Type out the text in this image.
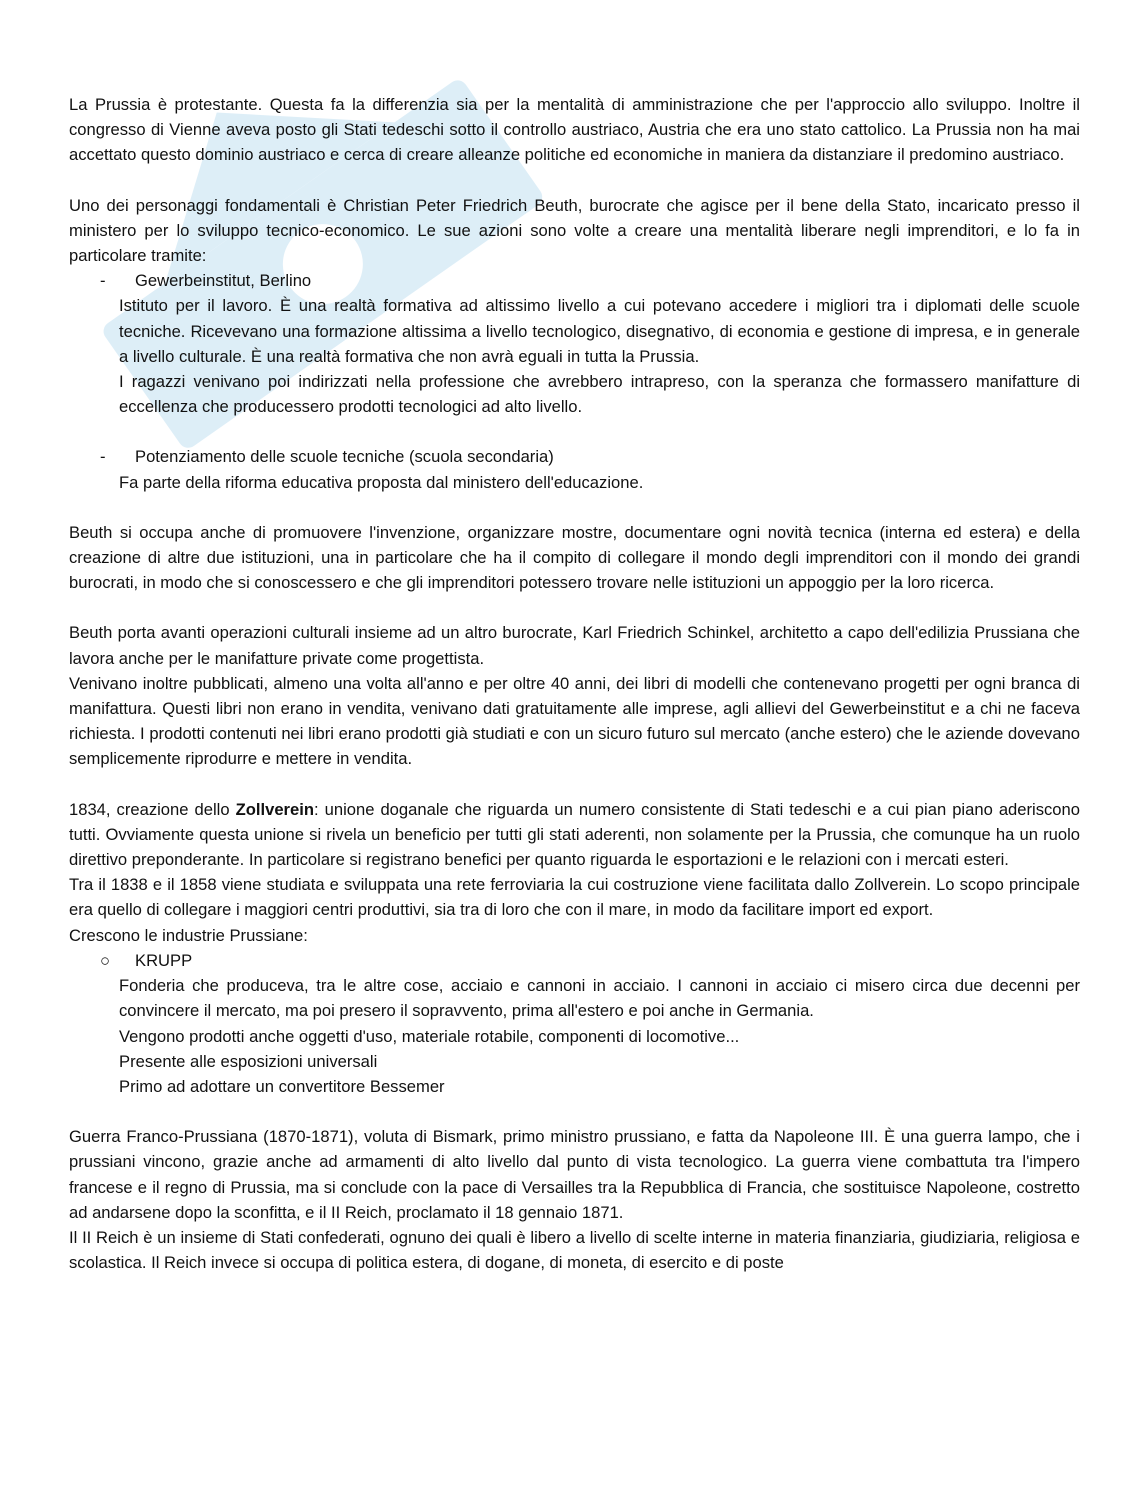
La Prussia è protestante. Questa fa la differenzia sia per la mentalità di amministrazione che per l'approccio allo sviluppo. Inoltre il congresso di Vienne aveva posto gli Stati tedeschi sotto il controllo austriaco, Austria che era uno stato cattolico. La Prussia non ha mai accettato questo dominio austriaco e cerca di creare alleanze politiche ed economiche in maniera da distanziare il predomino austriaco.

Uno dei personaggi fondamentali è Christian Peter Friedrich Beuth, burocrate che agisce per il bene della Stato, incaricato presso il ministero per lo sviluppo tecnico-economico. Le sue azioni sono volte a creare una mentalità liberare negli imprenditori, e lo fa in particolare tramite:

- Gewerbeinstitut, Berlino

Istituto per il lavoro. È una realtà formativa ad altissimo livello a cui potevano accedere i migliori tra i diplomati delle scuole tecniche. Ricevevano una formazione altissima a livello tecnologico, disegnativo, di economia e gestione di impresa, e in generale a livello culturale. È una realtà formativa che non avrà eguali in tutta la Prussia.

I ragazzi venivano poi indirizzati nella professione che avrebbero intrapreso, con la speranza che formassero manifatture di eccellenza che producessero prodotti tecnologici ad alto livello.

- Potenziamento delle scuole tecniche (scuola secondaria)

Fa parte della riforma educativa proposta dal ministero dell'educazione.

Beuth si occupa anche di promuovere l'invenzione, organizzare mostre, documentare ogni novità tecnica (interna ed estera) e della creazione di altre due istituzioni, una in particolare che ha il compito di collegare il mondo degli imprenditori con il mondo dei grandi burocrati, in modo che si conoscessero e che gli imprenditori potessero trovare nelle istituzioni un appoggio per la loro ricerca.

Beuth porta avanti operazioni culturali insieme ad un altro burocrate, Karl Friedrich Schinkel, architetto a capo dell'edilizia Prussiana che lavora anche per le manifatture private come progettista.

Venivano inoltre pubblicati, almeno una volta all'anno e per oltre 40 anni, dei libri di modelli che contenevano progetti per ogni branca di manifattura. Questi libri non erano in vendita, venivano dati gratuitamente alle imprese, agli allievi del Gewerbeinstitut e a chi ne faceva richiesta. I prodotti contenuti nei libri erano prodotti già studiati e con un sicuro futuro sul mercato (anche estero) che le aziende dovevano semplicemente riprodurre e mettere in vendita.

1834, creazione dello Zollverein: unione doganale che riguarda un numero consistente di Stati tedeschi e a cui pian piano aderiscono tutti. Ovviamente questa unione si rivela un beneficio per tutti gli stati aderenti, non solamente per la Prussia, che comunque ha un ruolo direttivo preponderante. In particolare si registrano benefici per quanto riguarda le esportazioni e le relazioni con i mercati esteri.

Tra il 1838 e il 1858 viene studiata e sviluppata una rete ferroviaria la cui costruzione viene facilitata dallo Zollverein. Lo scopo principale era quello di collegare i maggiori centri produttivi, sia tra di loro che con il mare, in modo da facilitare import ed export.

Crescono le industrie Prussiane:

○ KRUPP

Fonderia che produceva, tra le altre cose, acciaio e cannoni in acciaio. I cannoni in acciaio ci misero circa due decenni per convincere il mercato, ma poi presero il sopravvento, prima all'estero e poi anche in Germania.

Vengono prodotti anche oggetti d'uso, materiale rotabile, componenti di locomotive...

Presente alle esposizioni universali

Primo ad adottare un convertitore Bessemer

Guerra Franco-Prussiana (1870-1871), voluta di Bismark, primo ministro prussiano, e fatta da Napoleone III. È una guerra lampo, che i prussiani vincono, grazie anche ad armamenti di alto livello dal punto di vista tecnologico. La guerra viene combattuta tra l'impero francese e il regno di Prussia, ma si conclude con la pace di Versailles tra la Repubblica di Francia, che sostituisce Napoleone, costretto ad andarsene dopo la sconfitta, e il II Reich, proclamato il 18 gennaio 1871.

Il II Reich è un insieme di Stati confederati, ognuno dei quali è libero a livello di scelte interne in materia finanziaria, giudiziaria, religiosa e scolastica. Il Reich invece si occupa di politica estera, di dogane, di moneta, di esercito e di poste
